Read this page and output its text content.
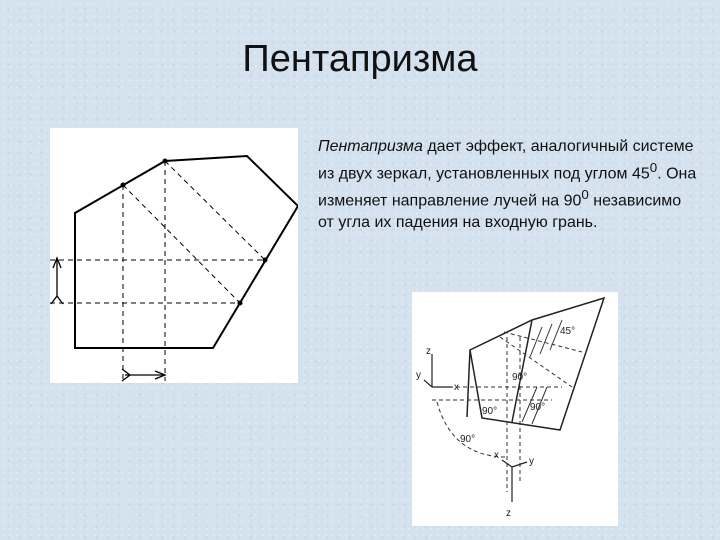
Пентапризма
Пентапризма дает эффект, аналогичный системе из двух зеркал, установленных под углом $45^0$. Она изменяет направление лучей на $90^0$ независимо от угла их падения на входную грань.
45°
90°
90°	90°
90°
z
x
y
z
y
x
